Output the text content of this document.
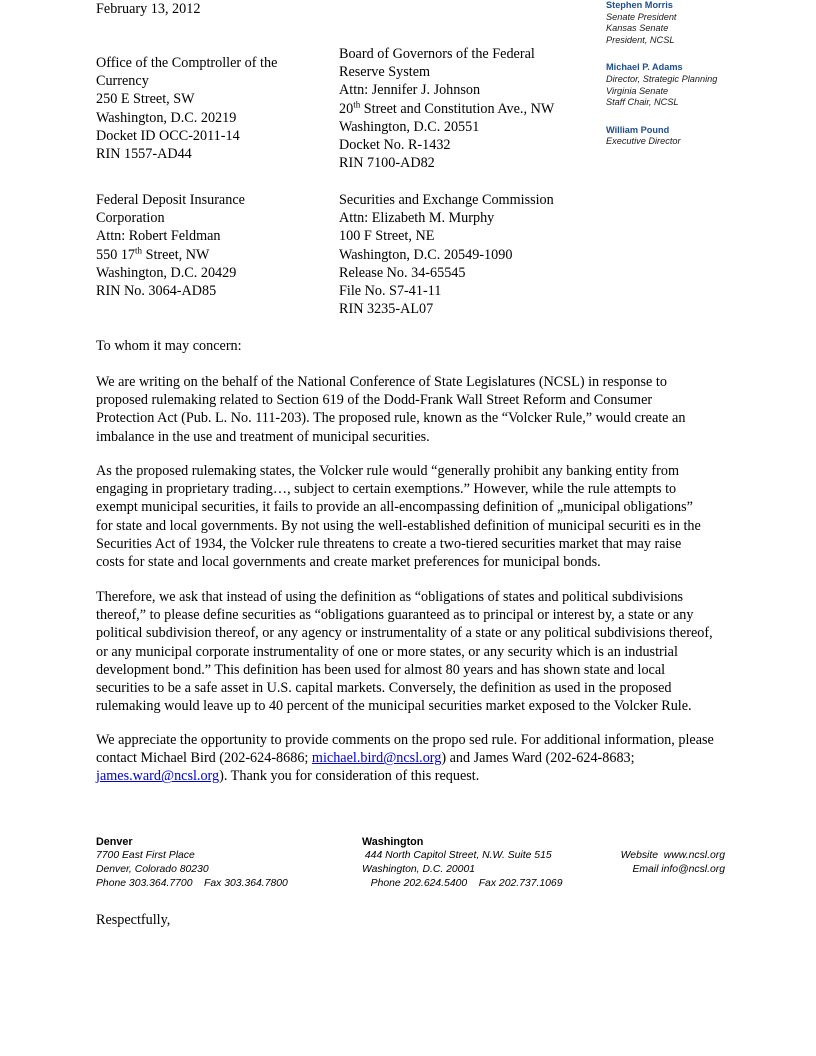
February 13, 2012	Stephen Morris
Senate President
Kansas Senate
President, NCSL
Michael P. Adams
Director, Strategic Planning
Virginia Senate
Staff Chair, NCSL
William Pound
Executive Director
Office of the Comptroller of the
Currency
250 E Street, SW
Washington, D.C. 20219
Docket ID OCC-2011-14
RIN 1557-AD44
Board of Governors of the Federal
Reserve System
Attn: Jennifer J. Johnson
20th Street and Constitution Ave., NW
Washington, D.C. 20551
Docket No. R-1432
RIN 7100-AD82
Federal Deposit Insurance
Corporation
Attn: Robert Feldman
550 17th Street, NW
Washington, D.C. 20429
RIN No. 3064-AD85
Securities and Exchange Commission
Attn: Elizabeth M. Murphy
100 F Street, NE
Washington, D.C. 20549-1090
Release No. 34-65545
File No. S7-41-11
RIN 3235-AL07
To whom it may concern:
We are writing on the behalf of the National Conference of State Legislatures (NCSL) in response to
proposed rulemaking related to Section 619 of the Dodd-Frank Wall Street Reform and Consumer
Protection Act (Pub. L. No. 111-203). The proposed rule, known as the “Volcker Rule,” would create an
imbalance in the use and treatment of municipal securities.
As the proposed rulemaking states, the Volcker rule would “generally prohibit any banking entity from
engaging in proprietary trading…, subject to certain exemptions.” However, while the rule attempts to
exempt municipal securities, it fails to provide an all-encompassing definition of „municipal obligations”
for state and local governments. By not using the well-established definition of municipal securiti es in the
Securities Act of 1934, the Volcker rule threatens to create a two-tiered securities market that may raise
costs for state and local governments and create market preferences for municipal bonds.
Therefore, we ask that instead of using the definition as “obligations of states and political subdivisions
thereof,” to please define securities as “obligations guaranteed as to principal or interest by, a state or any
political subdivision thereof, or any agency or instrumentality of a state or any political subdivisions thereof,
or any municipal corporate instrumentality of one or more states, or any security which is an industrial
development bond.” This definition has been used for almost 80 years and has shown state and local
securities to be a safe asset in U.S. capital markets. Conversely, the definition as used in the proposed
rulemaking would leave up to 40 percent of the municipal securities market exposed to the Volcker Rule.
We appreciate the opportunity to provide comments on the propo sed rule. For additional information, please
contact Michael Bird (202-624-8686; michael.bird@ncsl.org) and James Ward (202-624-8683;
james.ward@ncsl.org). Thank you for consideration of this request.
Denver
7700 East First Place
Denver, Colorado 80230
Phone 303.364.7700    Fax 303.364.7800
Washington
444 North Capitol Street, N.W. Suite 515
Washington, D.C. 20001
Phone 202.624.5400    Fax 202.737.1069
Website  www.ncsl.org
Email info@ncsl.org
Respectfully,
